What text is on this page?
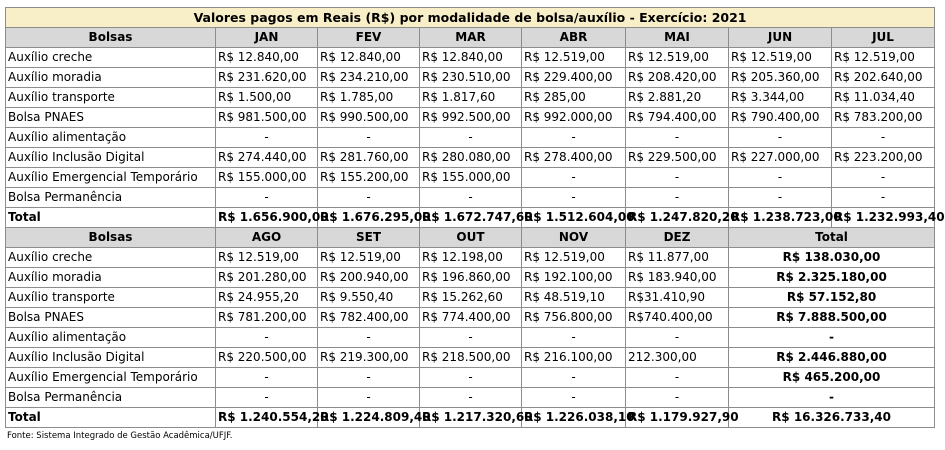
Valores pagos em Reais (R$) por modalidade de bolsa/auxílio - Exercício: 2021							
Bolsas	JAN	FEV	MAR	ABR	MAI	JUN	JUL
Auxílio creche	R$ 12.840,00	R$ 12.840,00	R$ 12.840,00	R$ 12.519,00	R$ 12.519,00	R$ 12.519,00	R$ 12.519,00
Auxílio moradia	R$ 231.620,00	R$ 234.210,00	R$ 230.510,00	R$ 229.400,00	R$ 208.420,00	R$ 205.360,00	R$ 202.640,00
Auxílio transporte	R$ 1.500,00	R$ 1.785,00	R$ 1.817,60	R$ 285,00	R$ 2.881,20	R$ 3.344,00	R$ 11.034,40
Bolsa PNAES	R$ 981.500,00	R$ 990.500,00	R$ 992.500,00	R$ 992.000,00	R$ 794.400,00	R$ 790.400,00	R$ 783.200,00
Auxílio alimentação	-	-	-	-	-	-	-
Auxílio Inclusão Digital	R$ 274.440,00	R$ 281.760,00	R$ 280.080,00	R$ 278.400,00	R$ 229.500,00	R$ 227.000,00	R$ 223.200,00
Auxílio Emergencial Temporário	R$ 155.000,00	R$ 155.200,00	R$ 155.000,00	-	-	-	-
Bolsa Permanência	-	-	-	-	-	-	-
Total	R$ 1.656.900,00	R$ 1.676.295,00	R$ 1.672.747,60	R$ 1.512.604,00	R$ 1.247.820,20	R$ 1.238.723,00	R$ 1.232.993,40
Bolsas	AGO	SET	OUT	NOV	DEZ	Total	
Auxílio creche	R$ 12.519,00	R$ 12.519,00	R$ 12.198,00	R$ 12.519,00	R$ 11.877,00	R$ 138.030,00	
Auxílio moradia	R$ 201.280,00	R$ 200.940,00	R$ 196.860,00	R$ 192.100,00	R$ 183.940,00	R$ 2.325.180,00	
Auxílio transporte	R$ 24.955,20	R$ 9.550,40	R$ 15.262,60	R$ 48.519,10	R$31.410,90	R$ 57.152,80	
Bolsa PNAES	R$ 781.200,00	R$ 782.400,00	R$ 774.400,00	R$ 756.800,00	R$740.400,00	R$ 7.888.500,00	
Auxílio alimentação	-	-	-	-	-	-	
Auxílio Inclusão Digital	R$ 220.500,00	R$ 219.300,00	R$ 218.500,00	R$ 216.100,00	212.300,00	R$ 2.446.880,00	
Auxílio Emergencial Temporário	-	-	-	-	-	R$ 465.200,00	
Bolsa Permanência	-	-	-	-	-	-	
Total	R$ 1.240.554,20	R$ 1.224.809,40	R$ 1.217.320,60	R$ 1.226.038,10	R$ 1.179.927,90	R$ 16.326.733,40	
Fonte: Sistema Integrado de Gestão Acadêmica/UFJF.
